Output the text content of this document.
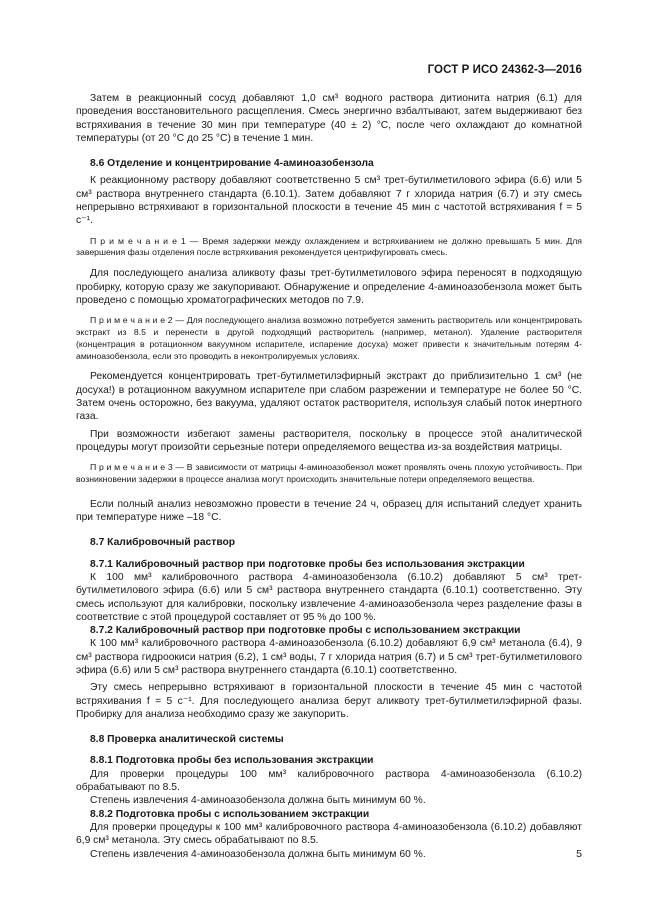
ГОСТ Р ИСО 24362-3—2016

Затем в реакционный сосуд добавляют 1,0 см³ водного раствора дитионита натрия (6.1) для проведения восстановительного расщепления. Смесь энергично взбалтывают, затем выдерживают без встряхивания в течение 30 мин при температуре (40 ± 2) °С, после чего охлаждают до комнатной температуры (от 20 °С до 25 °С) в течение 1 мин.

8.6 Отделение и концентрирование 4-аминоазобензола

К реакционному раствору добавляют соответственно 5 см³ трет-бутилметилового эфира (6.6) или 5 см³ раствора внутреннего стандарта (6.10.1). Затем добавляют 7 г хлорида натрия (6.7) и эту смесь непрерывно встряхивают в горизонтальной плоскости в течение 45 мин с частотой встряхивания f = 5 с⁻¹.

П р и м е ч а н и е 1 — Время задержки между охлаждением и встряхиванием не должно превышать 5 мин. Для завершения фазы отделения после встряхивания рекомендуется центрифугировать смесь.

Для последующего анализа аликвоту фазы трет-бутилметилового эфира переносят в подходящую пробирку, которую сразу же закупоривают. Обнаружение и определение 4-аминоазобензола может быть проведено с помощью хроматографических методов по 7.9.

П р и м е ч а н и е 2 — Для последующего анализа возможно потребуется заменить растворитель или концентрировать экстракт из 8.5 и перенести в другой подходящий растворитель (например, метанол). Удаление растворителя (концентрация в ротационном вакуумном испарителе, испарение досуха) может привести к значительным потерям 4-аминоазобензола, если это проводить в неконтролируемых условиях.

Рекомендуется концентрировать трет-бутилметилэфирный экстракт до приблизительно 1 см³ (не досуха!) в ротационном вакуумном испарителе при слабом разрежении и температуре не более 50 °С. Затем очень осторожно, без вакуума, удаляют остаток растворителя, используя слабый поток инертного газа.

При возможности избегают замены растворителя, поскольку в процессе этой аналитической процедуры могут произойти серьезные потери определяемого вещества из-за воздействия матрицы.

П р и м е ч а н и е 3 — В зависимости от матрицы 4-аминоазобензол может проявлять очень плохую устойчивость. При возникновении задержки в процессе анализа могут происходить значительные потери определяемого вещества.

Если полный анализ невозможно провести в течение 24 ч, образец для испытаний следует хранить при температуре ниже –18 °С.

8.7 Калибровочный раствор
8.7.1 Калибровочный раствор при подготовке пробы без использования экстракции

К 100 мм³ калибровочного раствора 4-аминоазобензола (6.10.2) добавляют 5 см³ трет-бутилметилового эфира (6.6) или 5 см³ раствора внутреннего стандарта (6.10.1) соответственно. Эту смесь используют для калибровки, поскольку извлечение 4-аминоазобензола через разделение фазы в соответствие с этой процедурой составляет от 95 % до 100 %.

8.7.2 Калибровочный раствор при подготовке пробы с использованием экстракции

К 100 мм³ калибровочного раствора 4-аминоазобензола (6.10.2) добавляют 6,9 см³ метанола (6.4), 9 см³ раствора гидроокиси натрия (6.2), 1 см³ воды, 7 г хлорида натрия (6.7) и 5 см³ трет-бутилметилового эфира (6.6) или 5 см³ раствора внутреннего стандарта (6.10.1) соответственно.

Эту смесь непрерывно встряхивают в горизонтальной плоскости в течение 45 мин с частотой встряхивания f = 5 с⁻¹. Для последующего анализа берут аликвоту трет-бутилметилэфирной фазы. Пробирку для анализа необходимо сразу же закупорить.

8.8 Проверка аналитической системы
8.8.1 Подготовка пробы без использования экстракции

Для проверки процедуры 100 мм³ калибровочного раствора 4-аминоазобензола (6.10.2) обрабатывают по 8.5.

Степень извлечения 4-аминоазобензола должна быть минимум 60 %.

8.8.2 Подготовка пробы с использованием экстракции

Для проверки процедуры к 100 мм³ калибровочного раствора 4-аминоазобензола (6.10.2) добавляют 6,9 см³ метанола. Эту смесь обрабатывают по 8.5.

Степень извлечения 4-аминоазобензола должна быть минимум 60 %.	5
